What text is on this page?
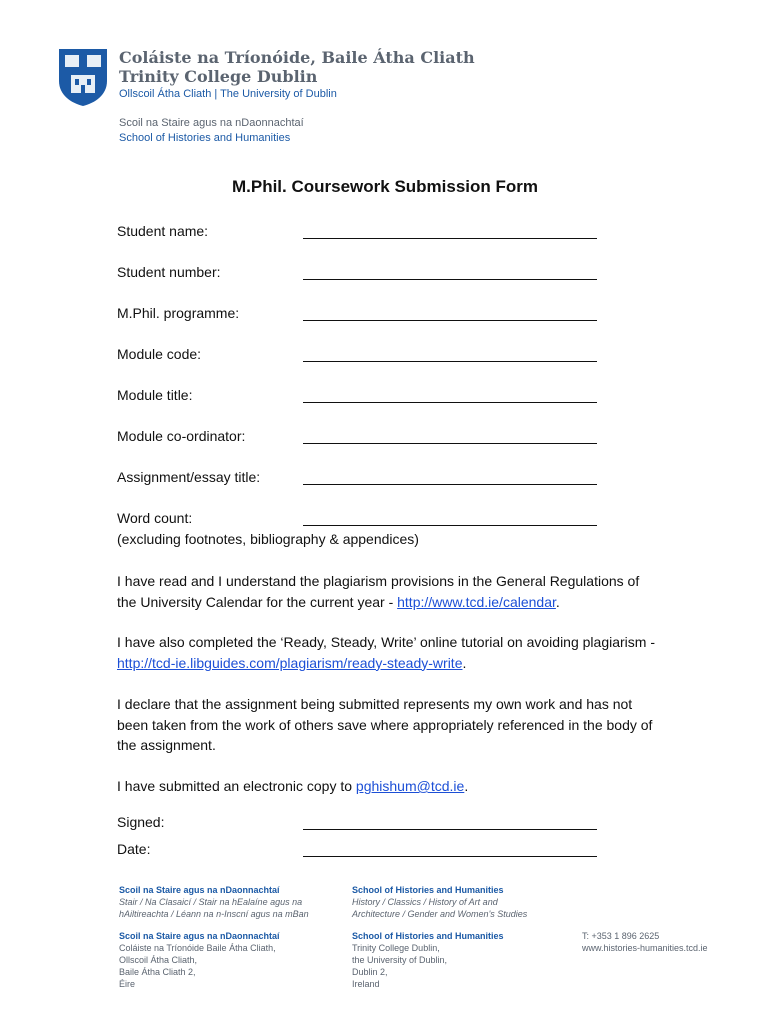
Coláiste na Tríonóide, Baile Átha Cliath
Trinity College Dublin
Ollscoil Átha Cliath | The University of Dublin
Scoil na Staire agus na nDaonnachtaí
School of Histories and Humanities
M.Phil. Coursework Submission Form
Student name:
Student number:
M.Phil. programme:
Module code:
Module title:
Module co-ordinator:
Assignment/essay title:
Word count:
(excluding footnotes, bibliography & appendices)
I have read and I understand the plagiarism provisions in the General Regulations of the University Calendar for the current year - http://www.tcd.ie/calendar.
I have also completed the ‘Ready, Steady, Write’ online tutorial on avoiding plagiarism - http://tcd-ie.libguides.com/plagiarism/ready-steady-write.
I declare that the assignment being submitted represents my own work and has not been taken from the work of others save where appropriately referenced in the body of the assignment.
I have submitted an electronic copy to pghishum@tcd.ie.
Signed:
Date:
Scoil na Staire agus na nDaonnachtaí
Stair / Na Clasaicí / Stair na hEalaíne agus na
hAiltireachta / Léann na n-Inscní agus na mBan
School of Histories and Humanities
History / Classics / History of Art and
Architecture / Gender and Women's Studies
Scoil na Staire agus na nDaonnachtaí
Coláiste na Tríonóide Baile Átha Cliath,
Ollscoil Átha Cliath,
Baile Átha Cliath 2,
Éire
School of Histories and Humanities
Trinity College Dublin,
the University of Dublin,
Dublin 2,
Ireland
T: +353 1 896 2625
www.histories-humanities.tcd.ie
